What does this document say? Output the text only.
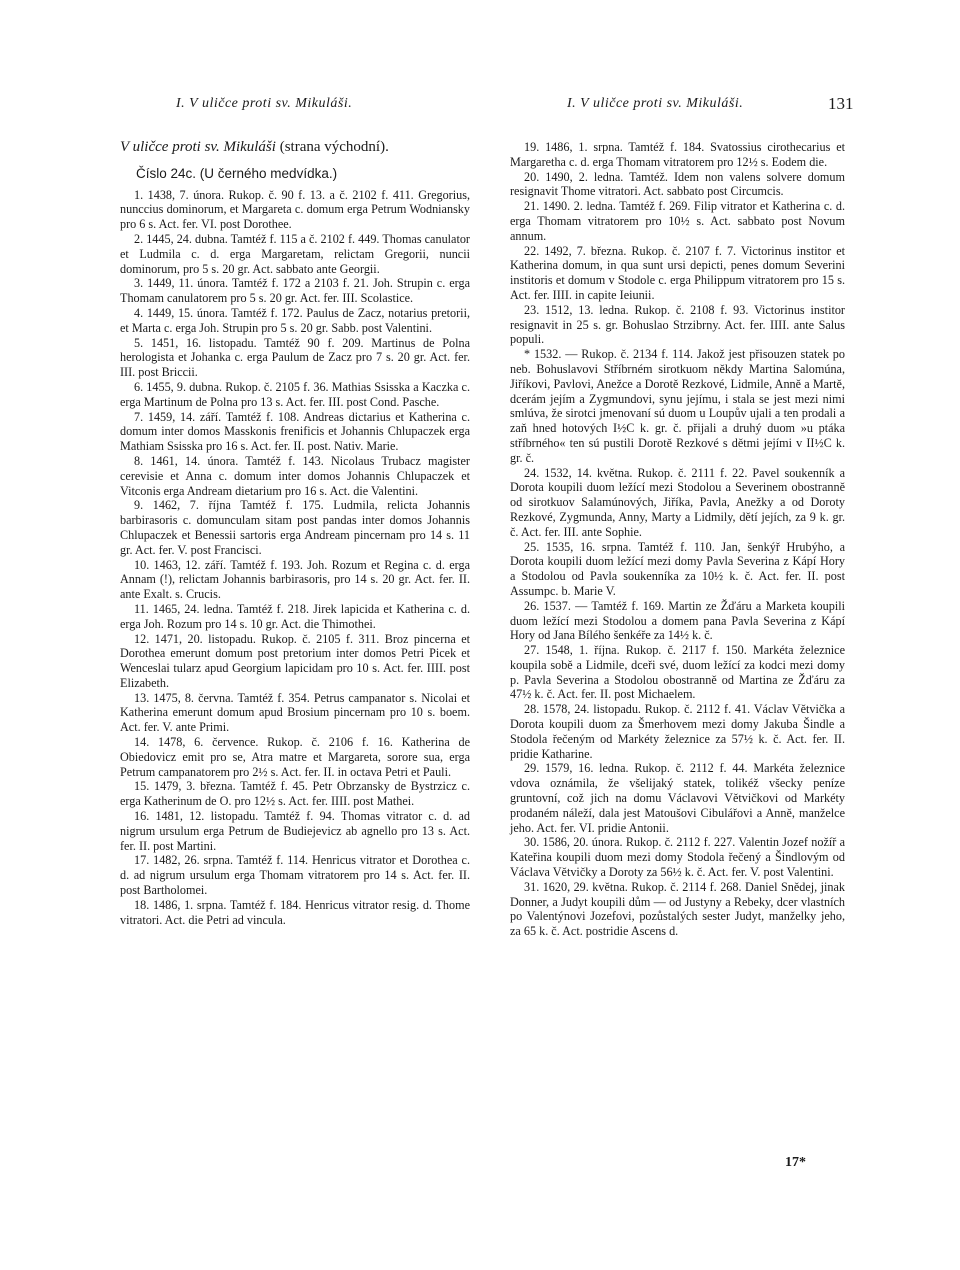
I. V uličce proti sv. Mikuláši.	I. V uličce proti sv. Mikuláši.	131
V uličce proti sv. Mikuláši (strana východní).
Číslo 24c. (U černého medvídka.)

1. 1438, 7. února. Rukop. č. 90 f. 13. a č. 2102 f. 411. Gregorius, nunccius dominorum, et Margareta c. domum erga Petrum Wodniansky pro 6 s. Act. fer. VI. post Dorothee.

2. 1445, 24. dubna. Tamtéž f. 115 a č. 2102 f. 449. Thomas canulator et Ludmila c. d. erga Margaretam, relictam Gregorii, nuncii dominorum, pro 5 s. 20 gr. Act. sabbato ante Georgii.

3. 1449, 11. února. Tamtéž f. 172 a 2103 f. 21. Joh. Strupin c. erga Thomam canulatorem pro 5 s. 20 gr. Act. fer. III. Scolastice.

4. 1449, 15. února. Tamtéž f. 172. Paulus de Zacz, notarius pretorii, et Marta c. erga Joh. Strupin pro 5 s. 20 gr. Sabb. post Valentini.

5. 1451, 16. listopadu. Tamtéž 90 f. 209. Martinus de Polna herologista et Johanka c. erga Paulum de Zacz pro 7 s. 20 gr. Act. fer. III. post Briccii.

6. 1455, 9. dubna. Rukop. č. 2105 f. 36. Mathias Ssisska a Kaczka c. erga Martinum de Polna pro 13 s. Act. fer. III. post Cond. Pasche.

7. 1459, 14. září. Tamtéž f. 108. Andreas dictarius et Katherina c. domum inter domos Masskonis frenificis et Johannis Chlupaczek erga Mathiam Ssisska pro 16 s. Act. fer. II. post. Nativ. Marie.

8. 1461, 14. února. Tamtéž f. 143. Nicolaus Trubacz magister cerevisie et Anna c. domum inter domos Johannis Chlupaczek et Vitconis erga Andream dietarium pro 16 s. Act. die Valentini.

9. 1462, 7. října Tamtéž f. 175. Ludmila, relicta Johannis barbirasoris c. domunculam sitam post pandas inter domos Johannis Chlupaczek et Benessii sartoris erga Andream pincernam pro 14 s. 11 gr. Act. fer. V. post Francisci.

10. 1463, 12. září. Tamtéž f. 193. Joh. Rozum et Regina c. d. erga Annam (!), relictam Johannis barbirasoris, pro 14 s. 20 gr. Act. fer. II. ante Exalt. s. Crucis.

11. 1465, 24. ledna. Tamtéž f. 218. Jirek lapicida et Katherina c. d. erga Joh. Rozum pro 14 s. 10 gr. Act. die Thimothei.

12. 1471, 20. listopadu. Rukop. č. 2105 f. 311. Broz pincerna et Dorothea emerunt domum post pretorium inter domos Petri Picek et Wenceslai tularz apud Georgium lapicidam pro 10 s. Act. fer. IIII. post Elizabeth.

13. 1475, 8. června. Tamtéž f. 354. Petrus campanator s. Nicolai et Katherina emerunt domum apud Brosium pincernam pro 10 s. boem. Act. fer. V. ante Primi.

14. 1478, 6. července. Rukop. č. 2106 f. 16. Katherina de Obiedovicz emit pro se, Atra matre et Margareta, sorore sua, erga Petrum campanatorem pro 2½ s. Act. fer. II. in octava Petri et Pauli.

15. 1479, 3. března. Tamtéž f. 45. Petr Obrzansky de Bystrzicz c. erga Katherinum de O. pro 12½ s. Act. fer. IIII. post Mathei.

16. 1481, 12. listopadu. Tamtéž f. 94. Thomas vitrator c. d. ad nigrum ursulum erga Petrum de Budiejevicz ab agnello pro 13 s. Act. fer. II. post Martini.

17. 1482, 26. srpna. Tamtéž f. 114. Henricus vitrator et Dorothea c. d. ad nigrum ursulum erga Thomam vitratorem pro 14 s. Act. fer. II. post Bartholomei.

18. 1486, 1. srpna. Tamtéž f. 184. Henricus vitrator resig. d. Thome vitratori. Act. die Petri ad vincula.

19. 1486, 1. srpna. Tamtéž f. 184. Svatossius cirothecarius et Margaretha c. d. erga Thomam vitratorem pro 12½ s. Eodem die.

20. 1490, 2. ledna. Tamtéž. Idem non valens solvere domum resignavit Thome vitratori. Act. sabbato post Circumcis.

21. 1490. 2. ledna. Tamtéž f. 269. Filip vitrator et Katherina c. d. erga Thomam vitratorem pro 10½ s. Act. sabbato post Novum annum.

22. 1492, 7. března. Rukop. č. 2107 f. 7. Victorinus institor et Katherina domum, in qua sunt ursi depicti, penes domum Severini institoris et domum v Stodole c. erga Philippum vitratorem pro 15 s. Act. fer. IIII. in capite Ieiunii.

23. 1512, 13. ledna. Rukop. č. 2108 f. 93. Victorinus institor resignavit in 25 s. gr. Bohuslao Strzibrny. Act. fer. IIII. ante Salus populi.

* 1532. — Rukop. č. 2134 f. 114. Jakož jest přisouzen statek po neb. Bohuslavovi Stříbrném sirotkuom někdy Martina Salomúna, Jiříkovi, Pavlovi, Anežce a Dorotě Rezkové, Lidmile, Anně a Martě, dcerám jejím a Zygmundovi, synu jejímu, i stala se jest mezi nimi smlúva, že sirotci jmenovaní sú duom u Loupův ujali a ten prodali a zaň hned hotových I½C k. gr. č. přijali a druhý duom »u ptáka stříbrného« ten sú pustili Dorotě Rezkové s dětmi jejími v II½C k. gr. č.

24. 1532, 14. května. Rukop. č. 2111 f. 22. Pavel soukenník a Dorota koupili duom ležící mezi Stodolou a Severinem obostranně od sirotkuov Salamúnových, Jiříka, Pavla, Anežky a od Doroty Rezkové, Zygmunda, Anny, Marty a Lidmily, dětí jejích, za 9 k. gr. č. Act. fer. III. ante Sophie.

25. 1535, 16. srpna. Tamtéž f. 110. Jan, šenkýř Hrubýho, a Dorota koupili duom ležící mezi domy Pavla Severina z Kápí Hory a Stodolou od Pavla soukenníka za 10½ k. č. Act. fer. II. post Assumpc. b. Marie V.

26. 1537. — Tamtéž f. 169. Martin ze Žďáru a Marketa koupili duom ležící mezi Stodolou a domem pana Pavla Severina z Kápí Hory od Jana Bílého šenkéře za 14½ k. č.

27. 1548, 1. října. Rukop. č. 2117 f. 150. Markéta železnice koupila sobě a Lidmile, dceři své, duom ležící za kodci mezi domy p. Pavla Severina a Stodolou obostranně od Martina ze Žďáru za 47½ k. č. Act. fer. II. post Michaelem.

28. 1578, 24. listopadu. Rukop. č. 2112 f. 41. Václav Větvička a Dorota koupili duom za Šmerhovem mezi domy Jakuba Šindle a Stodola řečeným od Markéty železnice za 57½ k. č. Act. fer. II. pridie Katharine.

29. 1579, 16. ledna. Rukop. č. 2112 f. 44. Markéta železnice vdova oznámila, že všelijaký statek, tolikéž všecky peníze gruntovní, což jich na domu Václavovi Větvičkovi od Markéty prodaném náleží, dala jest Matoušovi Cibulářovi a Anně, manželce jeho. Act. fer. VI. pridie Antonii.

30. 1586, 20. února. Rukop. č. 2112 f. 227. Valentin Jozef nožíř a Kateřina koupili duom mezi domy Stodola řečený a Šindlovým od Václava Větvičky a Doroty za 56½ k. č. Act. fer. V. post Valentini.

31. 1620, 29. května. Rukop. č. 2114 f. 268. Daniel Snědej, jinak Donner, a Judyt koupili dům — od Justyny a Rebeky, dcer vlastních po Valentýnovi Jozefovi, pozůstalých sester Judyt, manželky jeho, za 65 k. č. Act. postridie Ascens d.

17*
